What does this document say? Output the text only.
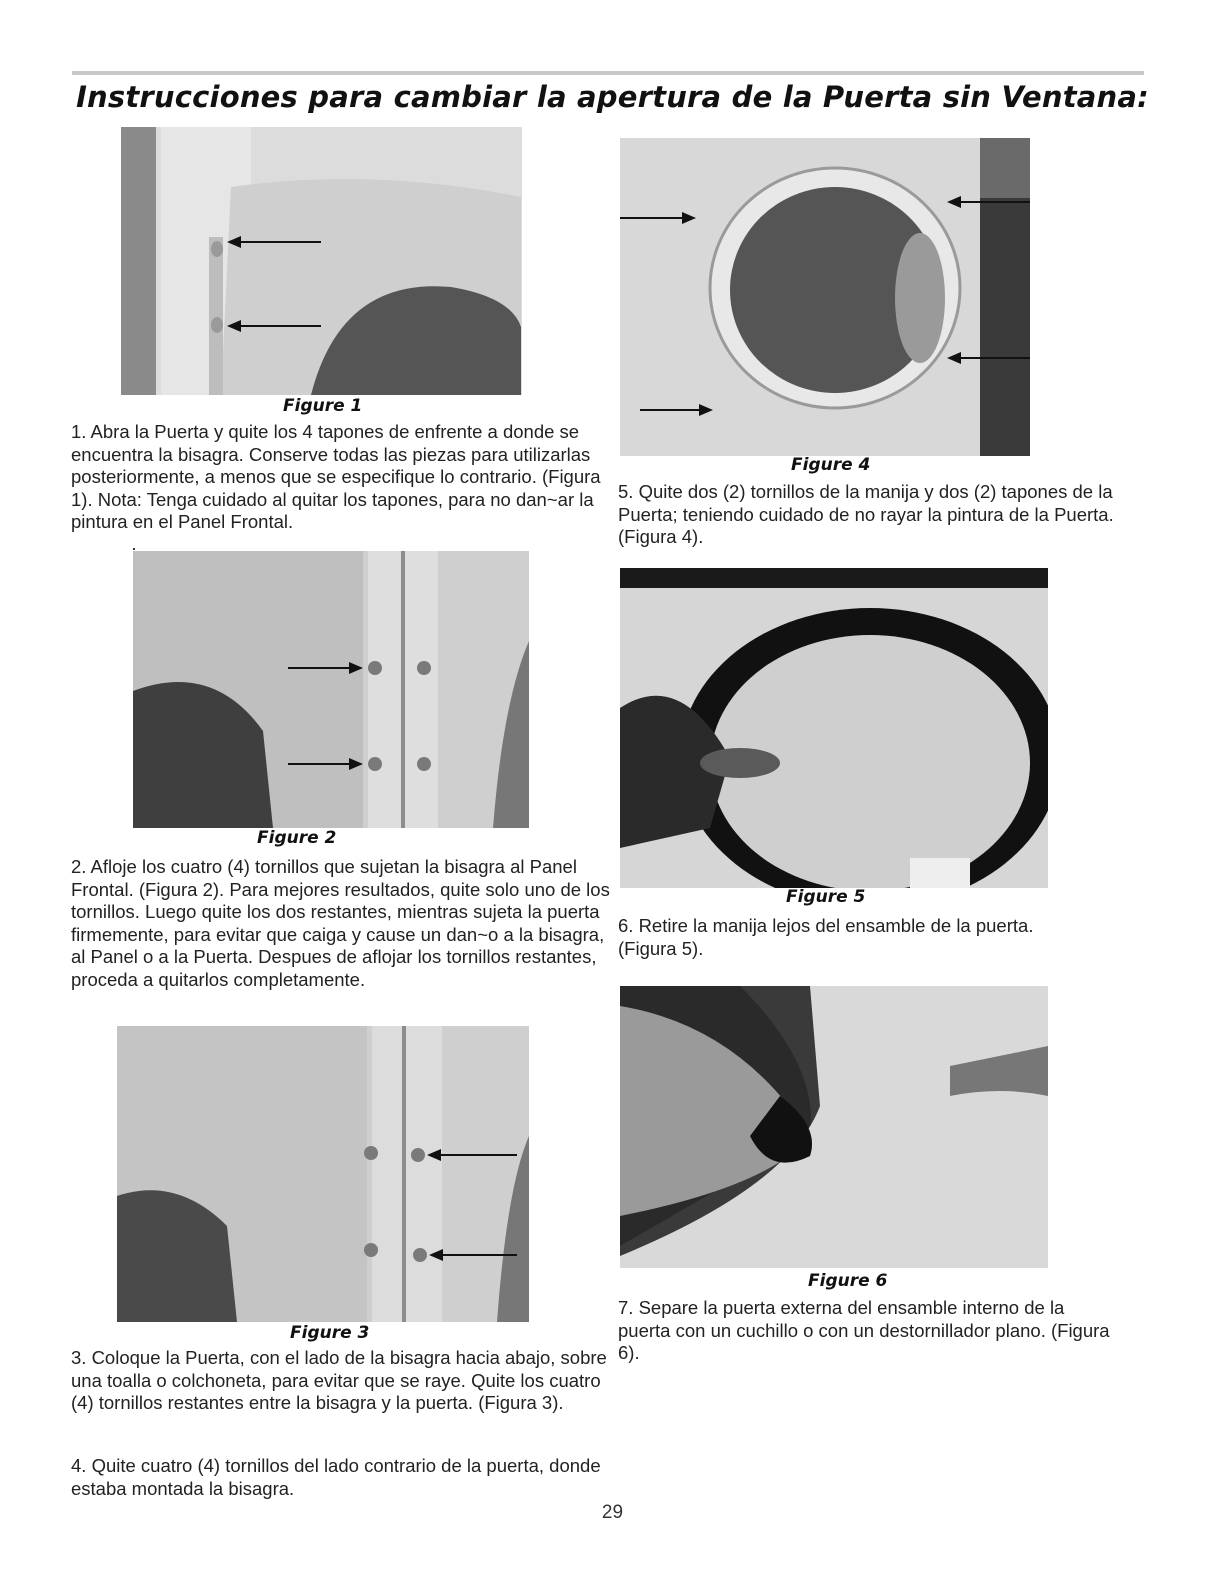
Instrucciones para cambiar la apertura de la Puerta sin Ventana:
Figure 1
1. Abra la Puerta y quite los 4 tapones de enfrente a donde se encuentra la bisagra. Conserve todas las piezas para utilizarlas posteriormente, a menos que se especifique lo contrario. (Figura 1). Nota: Tenga cuidado al quitar los tapones, para no dan~ar la pintura en el Panel Frontal.
Figure 2
2. Afloje los cuatro (4) tornillos que sujetan la bisagra al Panel Frontal. (Figura 2). Para mejores resultados, quite solo uno de los tornillos. Luego quite los dos restantes, mientras sujeta la puerta firmemente, para evitar que caiga y cause un dan~o a la bisagra, al Panel o a la Puerta. Despues de aflojar los tornillos restantes, proceda a quitarlos completamente.
Figure 3
3. Coloque la Puerta, con el lado de la bisagra hacia abajo, sobre una toalla o colchoneta, para evitar que se raye. Quite los cuatro (4) tornillos restantes entre la bisagra y la puerta. (Figura 3).
4. Quite cuatro (4) tornillos del lado contrario de la puerta, donde estaba montada la bisagra.
Figure 4
5. Quite dos (2) tornillos de la manija y dos (2) tapones de la Puerta; teniendo cuidado de no rayar la pintura de la Puerta. (Figura 4).
Figure 5
6. Retire la manija lejos del ensamble de la puerta. (Figura 5).
Figure 6
7. Separe la puerta externa del ensamble interno de la puerta con un cuchillo o con un destornillador plano. (Figura 6).
29
